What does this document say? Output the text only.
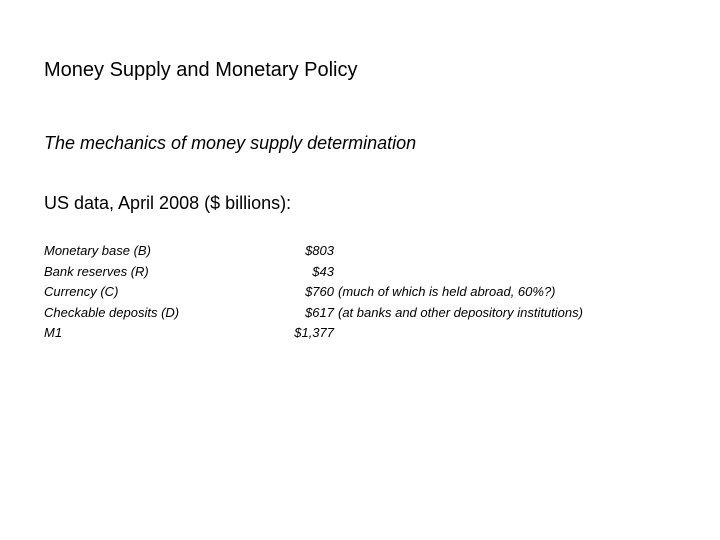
Money Supply and Monetary Policy
The mechanics of money supply determination
US data, April 2008 ($ billions):
Monetary base (B)	$803
Bank reserves (R)	$43
Currency (C)	$760 (much of which is held abroad, 60%?)
Checkable deposits (D)	$617 (at banks and other depository institutions)
M1	$1,377
